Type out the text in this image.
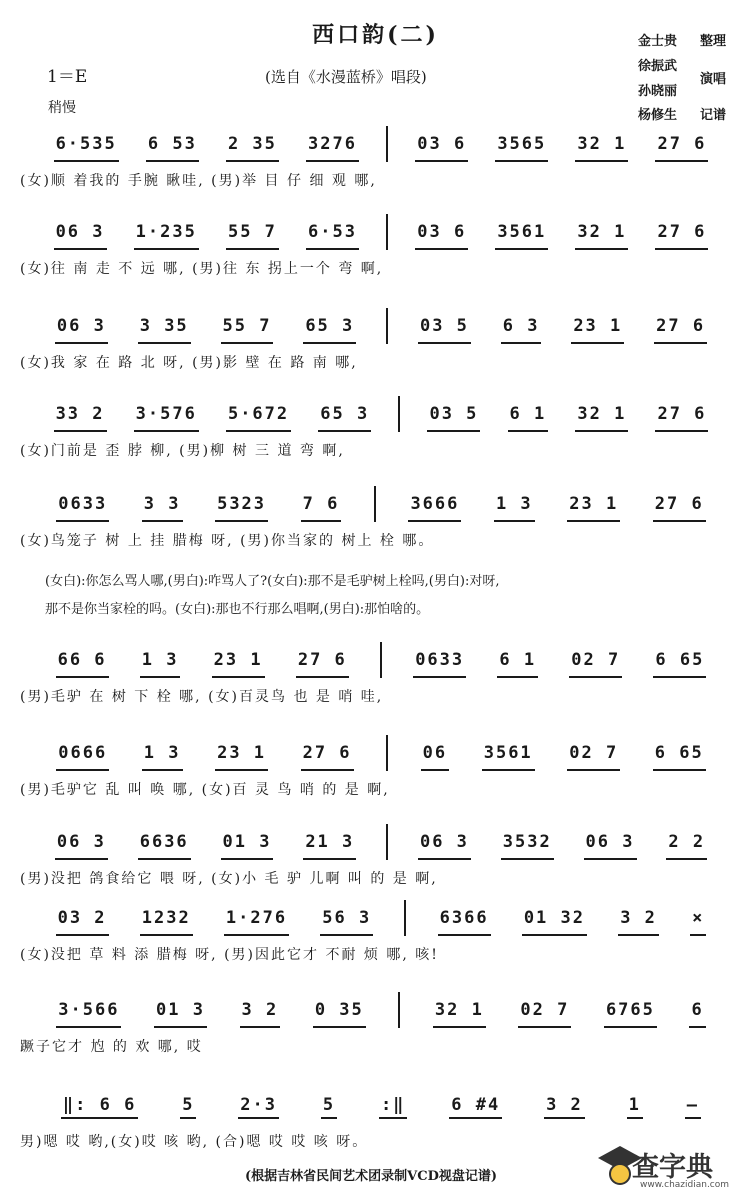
西口韵(二)
(选自《水漫蓝桥》唱段)
1＝E
稍慢
金士贵 整理
徐振武
孙晓丽
演唱
杨修生 记谱
6·535 6 53 2 35 3276	03 6 3565 32 1 27 6
(女)顺 着我的 手腕 瞅哇, (男)举 目 仔 细 观 哪,
06 3 1·235 55 7 6·53	03 6 3561 32 1 27 6
(女)往 南 走 不 远 哪, (男)往 东 拐上一个 弯 啊,
06 3 3 35 55 7 65 3	03 5 6 3 23 1 27 6
(女)我 家 在 路 北 呀, (男)影 壁 在 路 南 哪,
33 2 3·576 5·672 65 3	03 5 6 1 32 1 27 6
(女)门前是 歪 脖 柳, (男)柳 树 三 道 弯 啊,
0633 3 3 5323 7 6	3666 1 3 23 1 27 6
(女)鸟笼子 树 上 挂 腊梅 呀, (男)你当家的 树上 栓 哪。
66 6 1 3 23 1 27 6	0633 6 1 02 7 6 65
(男)毛驴 在 树 下 栓 哪, (女)百灵鸟 也 是 哨 哇,
0666 1 3 23 1 27 6	06 3561 02 7 6 65
(男)毛驴它 乱 叫 唤 哪, (女)百 灵 鸟 哨 的 是 啊,
06 3 6636 01 3 21 3	06 3 3532 06 3 2 2
(男)没把 鸽食给它 喂 呀, (女)小 毛 驴 儿啊 叫 的 是 啊,
03 2 1232 1·276 56 3	6366 01 32 3 2 ×
(女)没把 草 料 添 腊梅 呀, (男)因此它才 不耐 烦 哪, 咳!
3·566 01 3 3 2 0 35	32 1 02 7 6765 6
蹶子它才 尥 的 欢 哪, 哎
‖: 6 6	5	2·3	5	:‖	6 #4	3 2	1	–
男)嗯 哎 哟,(女)哎 咳 哟, (合)嗯 哎 哎 咳 呀。
(女白):你怎么骂人哪,(男白):咋骂人了?(女白):那不是毛驴树上栓吗,(男白):对呀,
那不是你当家栓的吗。(女白):那也不行那么唱啊,(男白):那怕啥的。
(根据吉林省民间艺术团录制VCD视盘记谱)	查字典
www.chazidian.com
